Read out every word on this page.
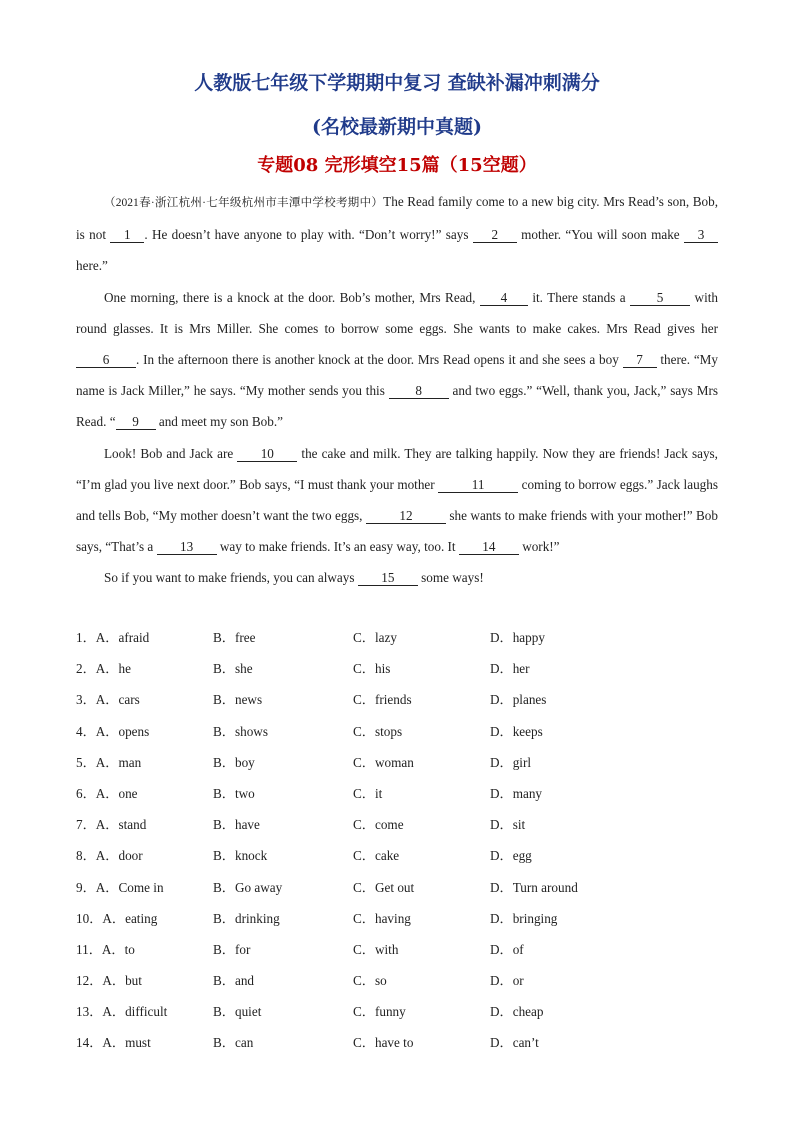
人教版七年级下学期期中复习 查缺补漏冲刺满分
(名校最新期中真题)
专题08 完形填空15篇（15空题）

（2021春·浙江杭州·七年级杭州市丰潭中学校考期中）The Read family come to a new big city. Mrs Read’s son, Bob, is not 1 . He doesn’t have anyone to play with. “Don’t worry!” says 2 mother. “You will soon make 3 here.”

One morning, there is a knock at the door. Bob’s mother, Mrs Read, 4 it. There stands a 5 with round glasses. It is Mrs Miller. She comes to borrow some eggs. She wants to make cakes. Mrs Read gives her 6 . In the afternoon there is another knock at the door. Mrs Read opens it and she sees a boy 7 there. “My name is Jack Miller,” he says. “My mother sends you this 8 and two eggs.” “Well, thank you, Jack,” says Mrs Read. “ 9 and meet my son Bob.”

Look! Bob and Jack are 10 the cake and milk. They are talking happily. Now they are friends! Jack says, “I’m glad you live next door.” Bob says, “I must thank your mother	11	coming to borrow eggs.” Jack laughs and tells Bob, “My mother doesn’t want the two eggs,	12	she wants to make friends with your mother!” Bob says, “That’s a 13 way to make friends. It’s an easy way, too. It 14 work!”

So if you want to make friends, you can always 15 some ways!

1．A．afraid	B．free	C．lazy	D．happy
2．A．he	B．she	C．his	D．her
3．A．cars	B．news	C．friends	D．planes
4．A．opens	B．shows	C．stops	D．keeps
5．A．man	B．boy	C．woman	D．girl
6．A．one	B．two	C．it	D．many
7．A．stand	B．have	C．come	D．sit
8．A．door	B．knock	C．cake	D．egg
9．A．Come in	B．Go away	C．Get out	D．Turn around
10．A．eating	B．drinking	C．having	D．bringing
11．A．to	B．for	C．with	D．of
12．A．but	B．and	C．so	D．or
13．A．difficult	B．quiet	C．funny	D．cheap
14．A．must	B．can	C．have to	D．can’t
